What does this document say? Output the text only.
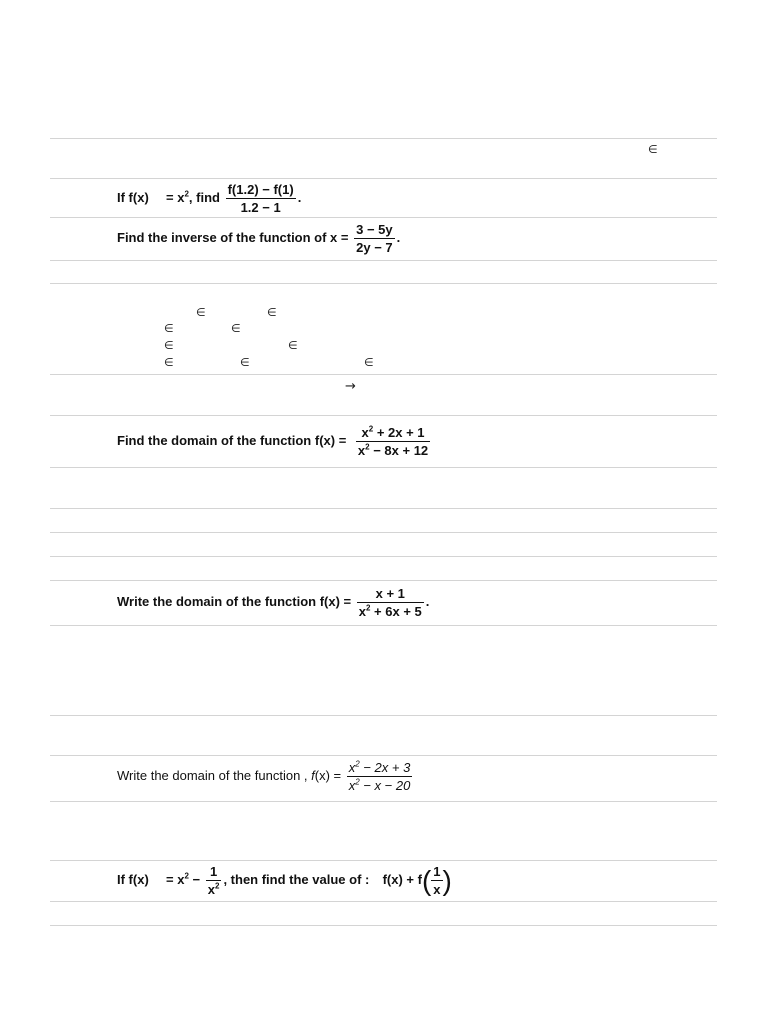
∈
∈	∈
∈	∈
∈	∈
∈	∈	∈
→
If $f(x) = x^2$, find $\frac{f(1.2) - f(1)}{1.2 - 1}$ .
Find the inverse of the function of $x = \frac{3 - 5y}{2y - 7}$ .
Find the domain of the function $f(x) = \frac{x^2 + 2x + 1}{x^2 - 8x + 12}$
Write the domain of the function $f(x) = \frac{x + 1}{x^2 + 6x + 5}$ .
Write the domain of the function , $f(x) = \frac{x^2 - 2x + 3}{x^2 - x - 20}$
If $f(x) = x^2 - \frac{1}{x^2}$ , then find the value of : $f(x) + f( \frac{1}{x}$ )
